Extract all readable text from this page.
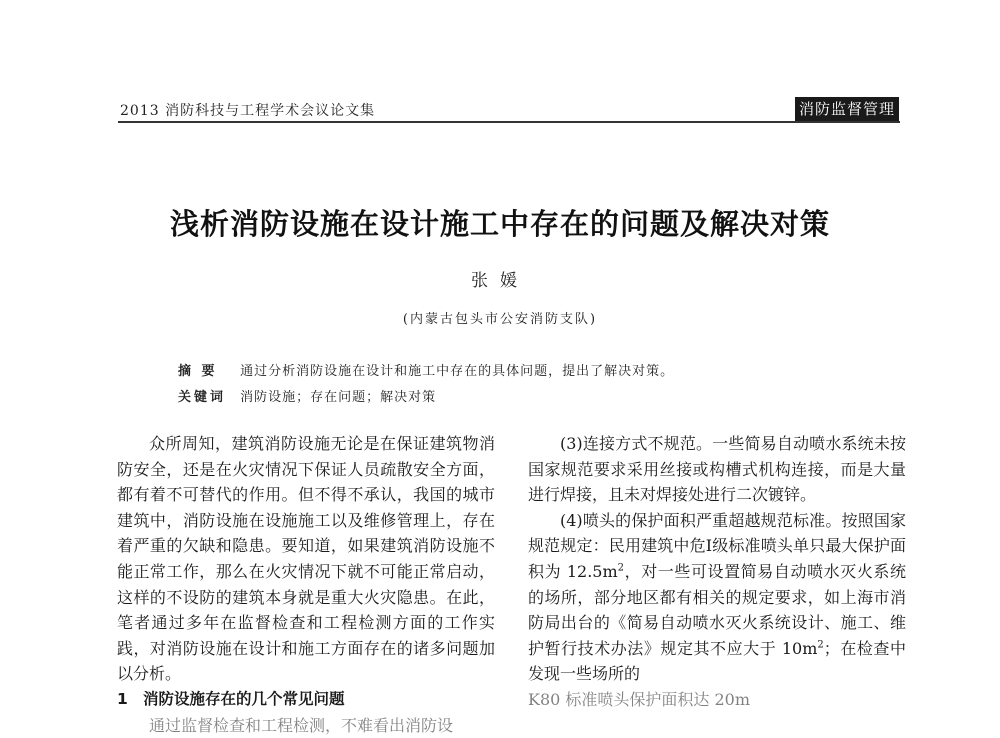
2013 消防科技与工程学术会议论文集	消防监督管理
浅析消防设施在设计施工中存在的问题及解决对策
张媛
(内蒙古包头市公安消防支队)
摘 要 通过分析消防设施在设计和施工中存在的具体问题，提出了解决对策。
关键词 消防设施；存在问题；解决对策

众所周知，建筑消防设施无论是在保证建筑物消防安全，还是在火灾情况下保证人员疏散安全方面，都有着不可替代的作用。但不得不承认，我国的城市建筑中，消防设施在设施施工以及维修管理上，存在着严重的欠缺和隐患。要知道，如果建筑消防设施不能正常工作，那么在火灾情况下就不可能正常启动，这样的不设防的建筑本身就是重大火灾隐患。在此，笔者通过多年在监督检查和工程检测方面的工作实践，对消防设施在设计和施工方面存在的诸多问题加以分析。

1 消防设施存在的几个常见问题

通过监督检查和工程检测，不难看出消防设

(3)连接方式不规范。一些简易自动喷水系统未按国家规范要求采用丝接或构槽式机构连接，而是大量进行焊接，且未对焊接处进行二次镀锌。

(4)喷头的保护面积严重超越规范标准。按照国家规范规定：民用建筑中危Ⅰ级标准喷头单只最大保护面积为 $12.5m^2$，对一些可设置简易自动喷水灭火系统的场所，部分地区都有相关的规定要求，如上海市消防局出台的《简易自动喷水灭火系统设计、施工、维护暂行技术办法》规定其不应大于 $10m^2$；在检查中发现一些场所的

K80 标准喷头保护面积达 20m
